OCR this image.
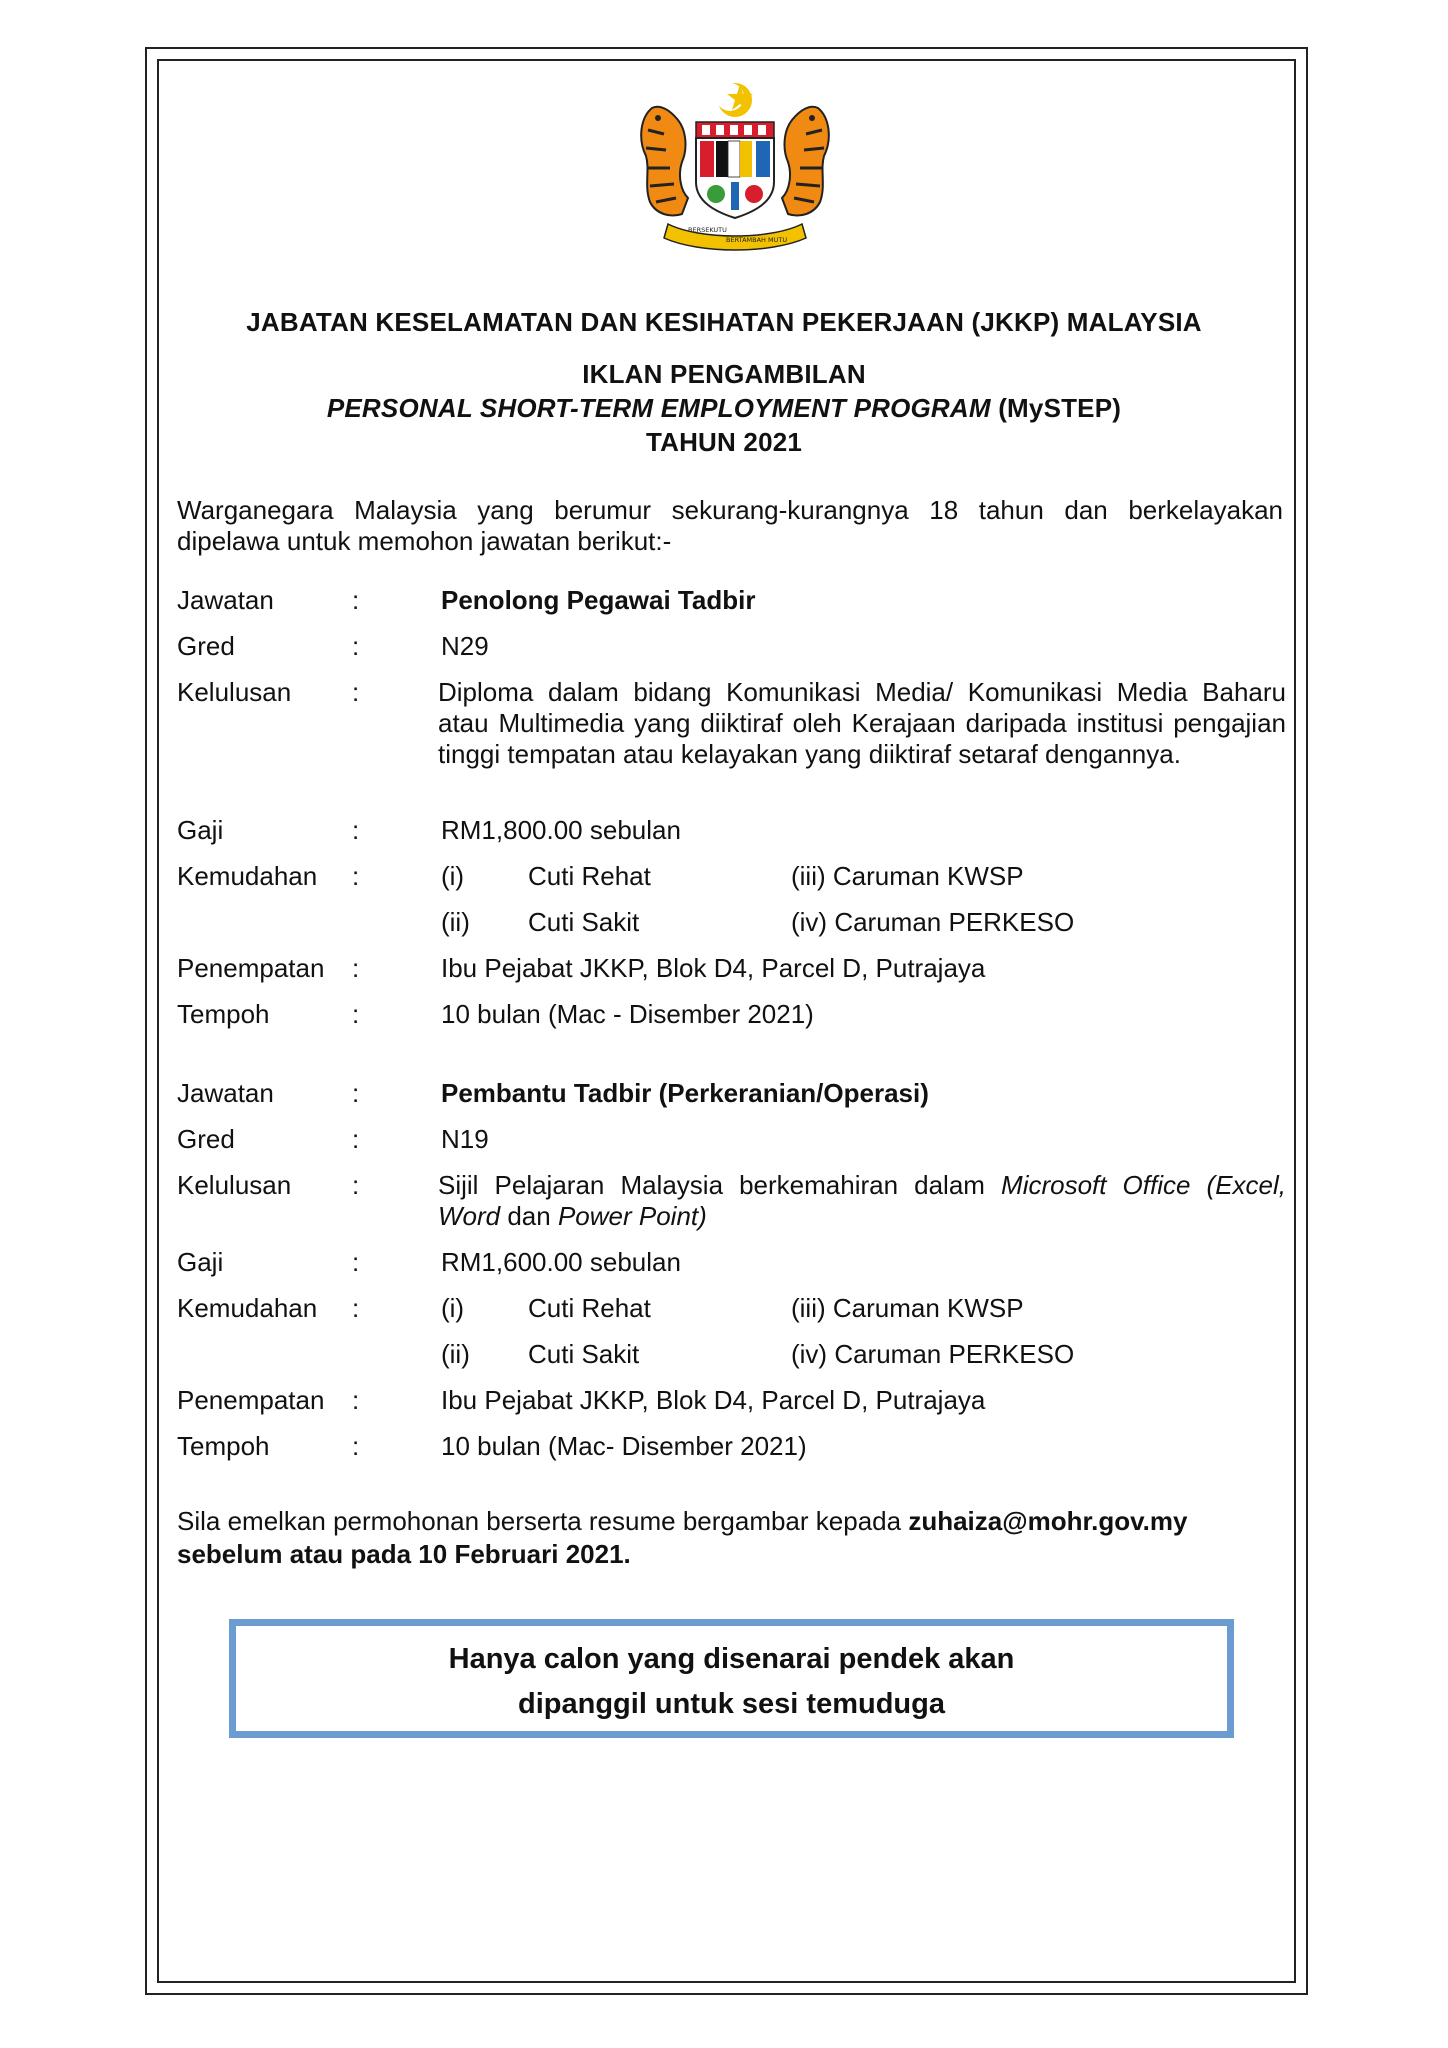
BERSEKUTU
BERTAMBAH MUTU
JABATAN KESELAMATAN DAN KESIHATAN PEKERJAAN (JKKP) MALAYSIA
IKLAN PENGAMBILAN
PERSONAL SHORT-TERM EMPLOYMENT PROGRAM (MySTEP)
TAHUN 2021
Warganegara Malaysia yang berumur sekurang-kurangnya 18 tahun dan berkelayakan dipelawa untuk memohon jawatan berikut:-
Jawatan	:	Penolong Pegawai Tadbir
Gred	:	N29
Kelulusan :	Diploma dalam bidang Komunikasi Media/ Komunikasi Media Baharu atau Multimedia yang diiktiraf oleh Kerajaan daripada institusi pengajian tinggi tempatan atau kelayakan yang diiktiraf setaraf dengannya.
Gaji	:	RM1,800.00 sebulan
Kemudahan :	(i) Cuti Rehat	(iii) Caruman KWSP
(ii) Cuti Sakit	(iv) Caruman PERKESO
Penempatan :	Ibu Pejabat JKKP, Blok D4, Parcel D, Putrajaya
Tempoh	:	10 bulan (Mac - Disember 2021)
Jawatan	:	Pembantu Tadbir (Perkeranian/Operasi)
Gred	:	N19
Kelulusan :	Sijil Pelajaran Malaysia berkemahiran dalam Microsoft Office (Excel, Word dan Power Point)
Gaji	:	RM1,600.00 sebulan
Kemudahan :	(i) Cuti Rehat	(iii) Caruman KWSP
(ii) Cuti Sakit	(iv) Caruman PERKESO
Penempatan :	Ibu Pejabat JKKP, Blok D4, Parcel D, Putrajaya
Tempoh	:	10 bulan (Mac- Disember 2021)
Sila emelkan permohonan berserta resume bergambar kepada zuhaiza@mohr.gov.my
sebelum atau pada 10 Februari 2021.
Hanya calon yang disenarai pendek akan
dipanggil untuk sesi temuduga
